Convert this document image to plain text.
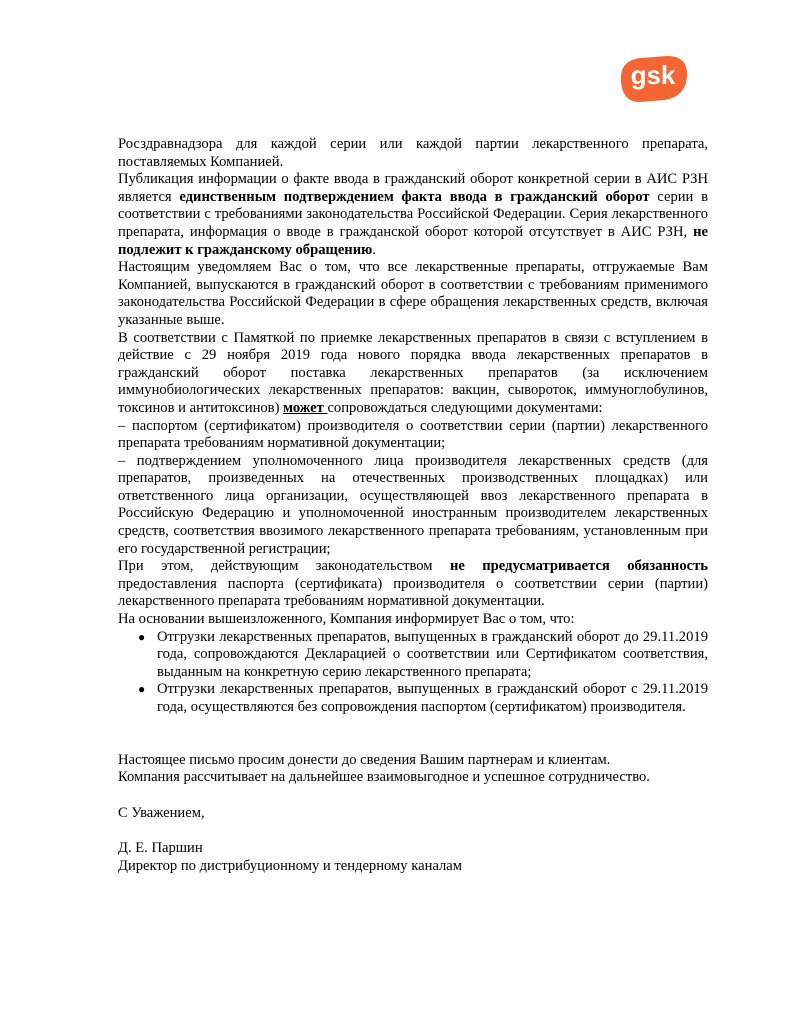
gsk

Росздравнадзора для каждой серии или каждой партии лекарственного препарата, поставляемых Компанией.

Публикация информации о факте ввода в гражданский оборот конкретной серии в АИС РЗН является единственным подтверждением факта ввода в гражданский оборот серии в соответствии с требованиями законодательства Российской Федерации. Серия лекарственного препарата, информация о вводе в гражданской оборот которой отсутствует в АИС РЗН, не подлежит к гражданскому обращению.

Настоящим уведомляем Вас о том, что все лекарственные препараты, отгружаемые Вам Компанией, выпускаются в гражданский оборот в соответствии с требованиям применимого законодательства Российской Федерации в сфере обращения лекарственных средств, включая указанные выше.

В соответствии с Памяткой по приемке лекарственных препаратов в связи с вступлением в действие с 29 ноября 2019 года нового порядка ввода лекарственных препаратов в гражданский оборот поставка лекарственных препаратов (за исключением иммунобиологических лекарственных препаратов: вакцин, сывороток, иммуноглобулинов, токсинов и антитоксинов) может сопровождаться следующими документами:

– паспортом (сертификатом) производителя о соответствии серии (партии) лекарственного препарата требованиям нормативной документации;

– подтверждением уполномоченного лица производителя лекарственных средств (для препаратов, произведенных на отечественных производственных площадках) или ответственного лица организации, осуществляющей ввоз лекарственного препарата в Российскую Федерацию и уполномоченной иностранным производителем лекарственных средств, соответствия ввозимого лекарственного препарата требованиям, установленным при его государственной регистрации;

При этом, действующим законодательством не предусматривается обязанность предоставления паспорта (сертификата) производителя о соответствии серии (партии) лекарственного препарата требованиям нормативной документации.

На основании вышеизложенного, Компания информирует Вас о том, что:

● Отгрузки лекарственных препаратов, выпущенных в гражданский оборот до 29.11.2019 года, сопровождаются Декларацией о соответствии или Сертификатом соответствия, выданным на конкретную серию лекарственного препарата;
● Отгрузки лекарственных препаратов, выпущенных в гражданский оборот с 29.11.2019 года, осуществляются без сопровождения паспортом (сертификатом) производителя.

Настоящее письмо просим донести до сведения Вашим партнерам и клиентам.

Компания рассчитывает на дальнейшее взаимовыгодное и успешное сотрудничество.

С Уважением,

Д. Е. Паршин

Директор по дистрибуционному и тендерному каналам
